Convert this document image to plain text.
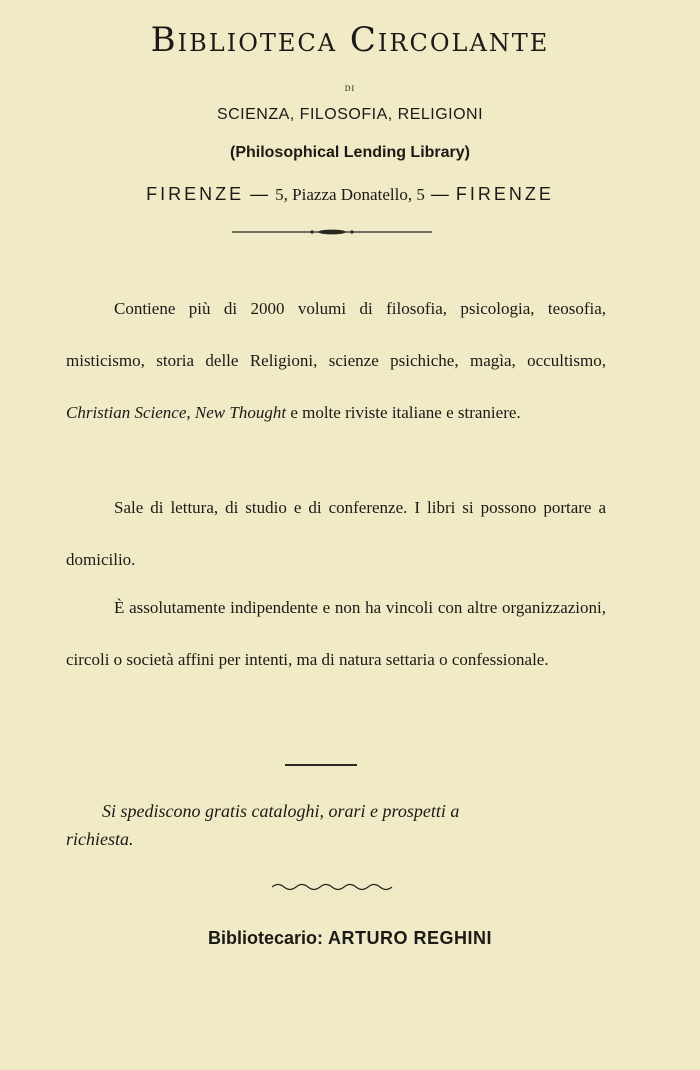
Biblioteca Circolante
di
SCIENZA, FILOSOFIA, RELIGIONI
(Philosophical Lending Library)
FIRENZE — 5, Piazza Donatello, 5 — FIRENZE

Contiene più di 2000 volumi di filosofia, psicologia, teosofia, misticismo, storia delle Religioni, scienze psichiche, magìa, occultismo, Christian Science, New Thought e molte riviste italiane e straniere.

Sale di lettura, di studio e di conferenze. I libri si possono portare a domicilio.

È assolutamente indipendente e non ha vincoli con altre organizzazioni, circoli o società affini per intenti, ma di natura settaria o confessionale.

Si spediscono gratis cataloghi, orari e prospetti a
richiesta.

Bibliotecario: ARTURO REGHINI
